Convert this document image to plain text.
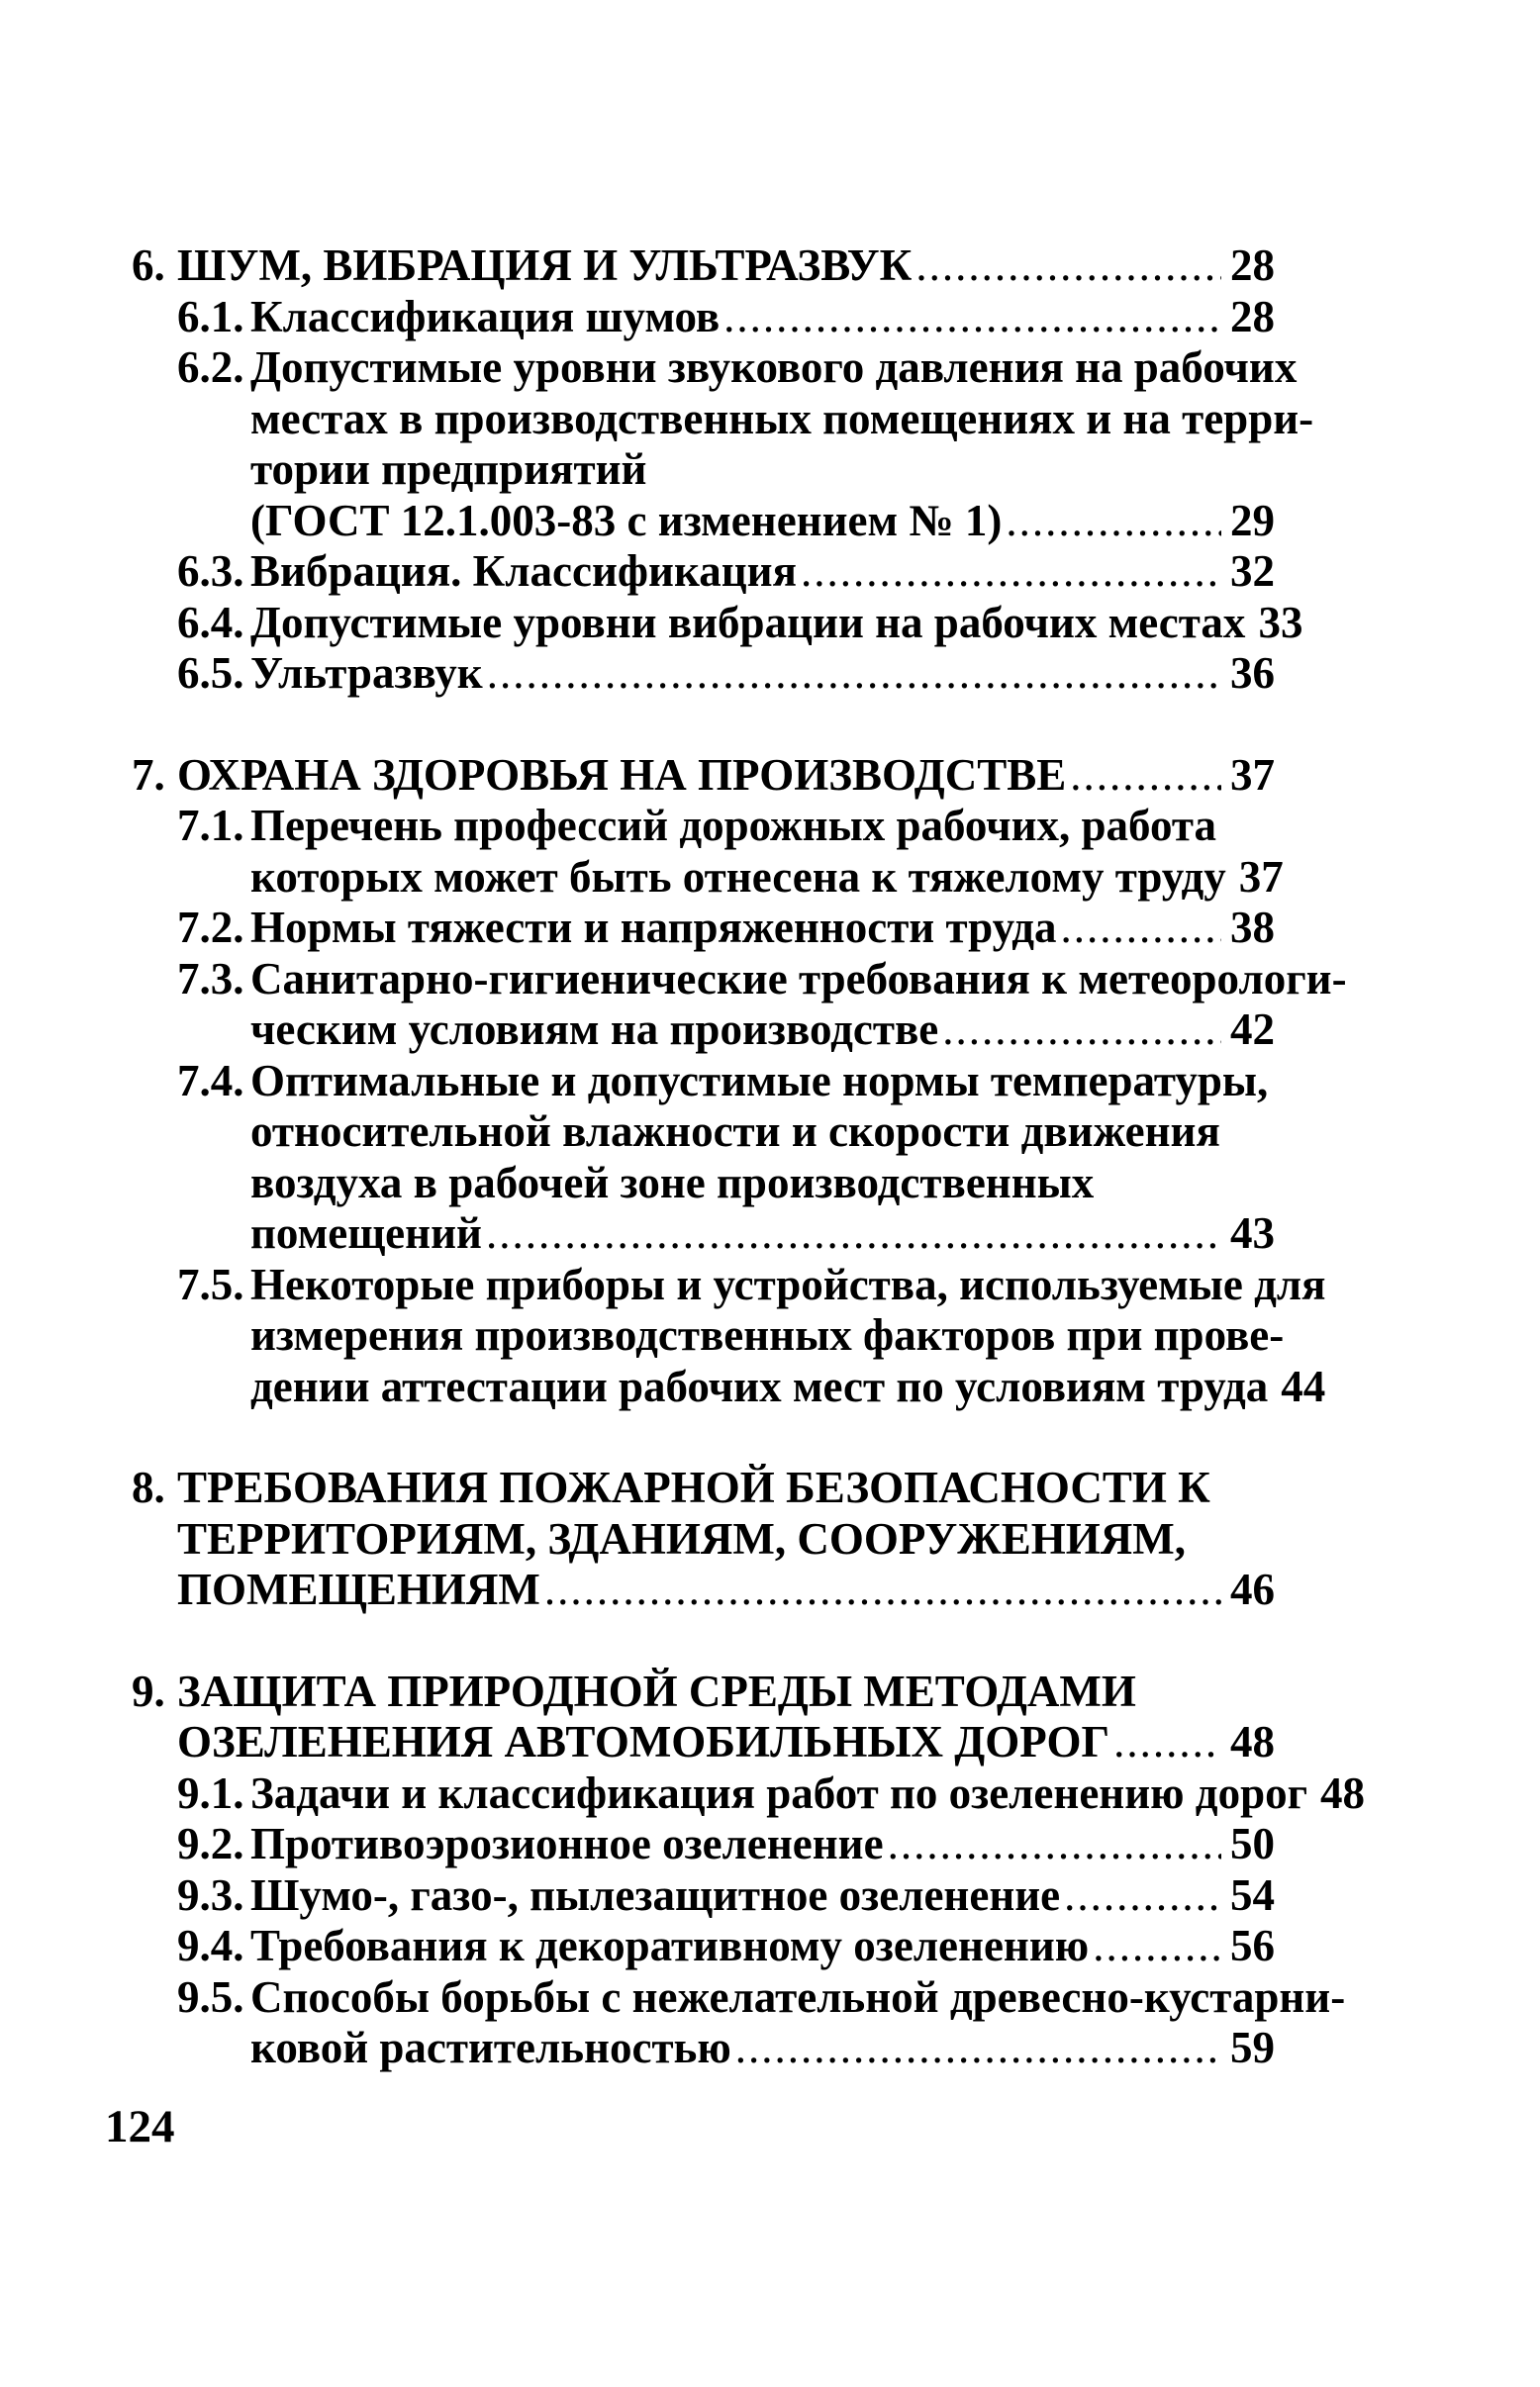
6. ШУМ, ВИБРАЦИЯ И УЛЬТРАЗВУК .....	28
6.1. Классификация шумов .....	28
6.2. Допустимые уровни звукового давления на рабочих
местах в производственных помещениях и на терри-
тории предприятий
(ГОСТ 12.1.003-83 с изменением № 1) .....	29
6.3. Вибрация. Классификация .....	32
6.4. Допустимые уровни вибрации на рабочих местах 33
6.5. Ультразвук .....	36
7. ОХРАНА ЗДОРОВЬЯ НА ПРОИЗВОДСТВЕ .....	37
7.1. Перечень профессий дорожных рабочих, работа
которых может быть отнесена к тяжелому труду 37
7.2. Нормы тяжести и напряженности труда .....	38
7.3. Санитарно-гигиенические требования к метеорологи-
ческим условиям на производстве .....	42
7.4. Оптимальные и допустимые нормы температуры,
относительной влажности и скорости движения
воздуха в рабочей зоне производственных
помещений .....	43
7.5. Некоторые приборы и устройства, используемые для
измерения производственных факторов при прове-
дении аттестации рабочих мест по условиям труда 44
8. ТРЕБОВАНИЯ ПОЖАРНОЙ БЕЗОПАСНОСТИ К
ТЕРРИТОРИЯМ, ЗДАНИЯМ, СООРУЖЕНИЯМ,
ПОМЕЩЕНИЯМ .....	46
9. ЗАЩИТА ПРИРОДНОЙ СРЕДЫ МЕТОДАМИ
ОЗЕЛЕНЕНИЯ АВТОМОБИЛЬНЫХ ДОРОГ .....	48
9.1. Задачи и классификация работ по озеленению дорог 48
9.2. Противоэрозионное озеленение .....	50
9.3. Шумо-, газо-, пылезащитное озеленение .....	54
9.4. Требования к декоративному озеленению .....	56
9.5. Способы борьбы с нежелательной древесно-кустарни-
ковой растительностью .....	59
124
